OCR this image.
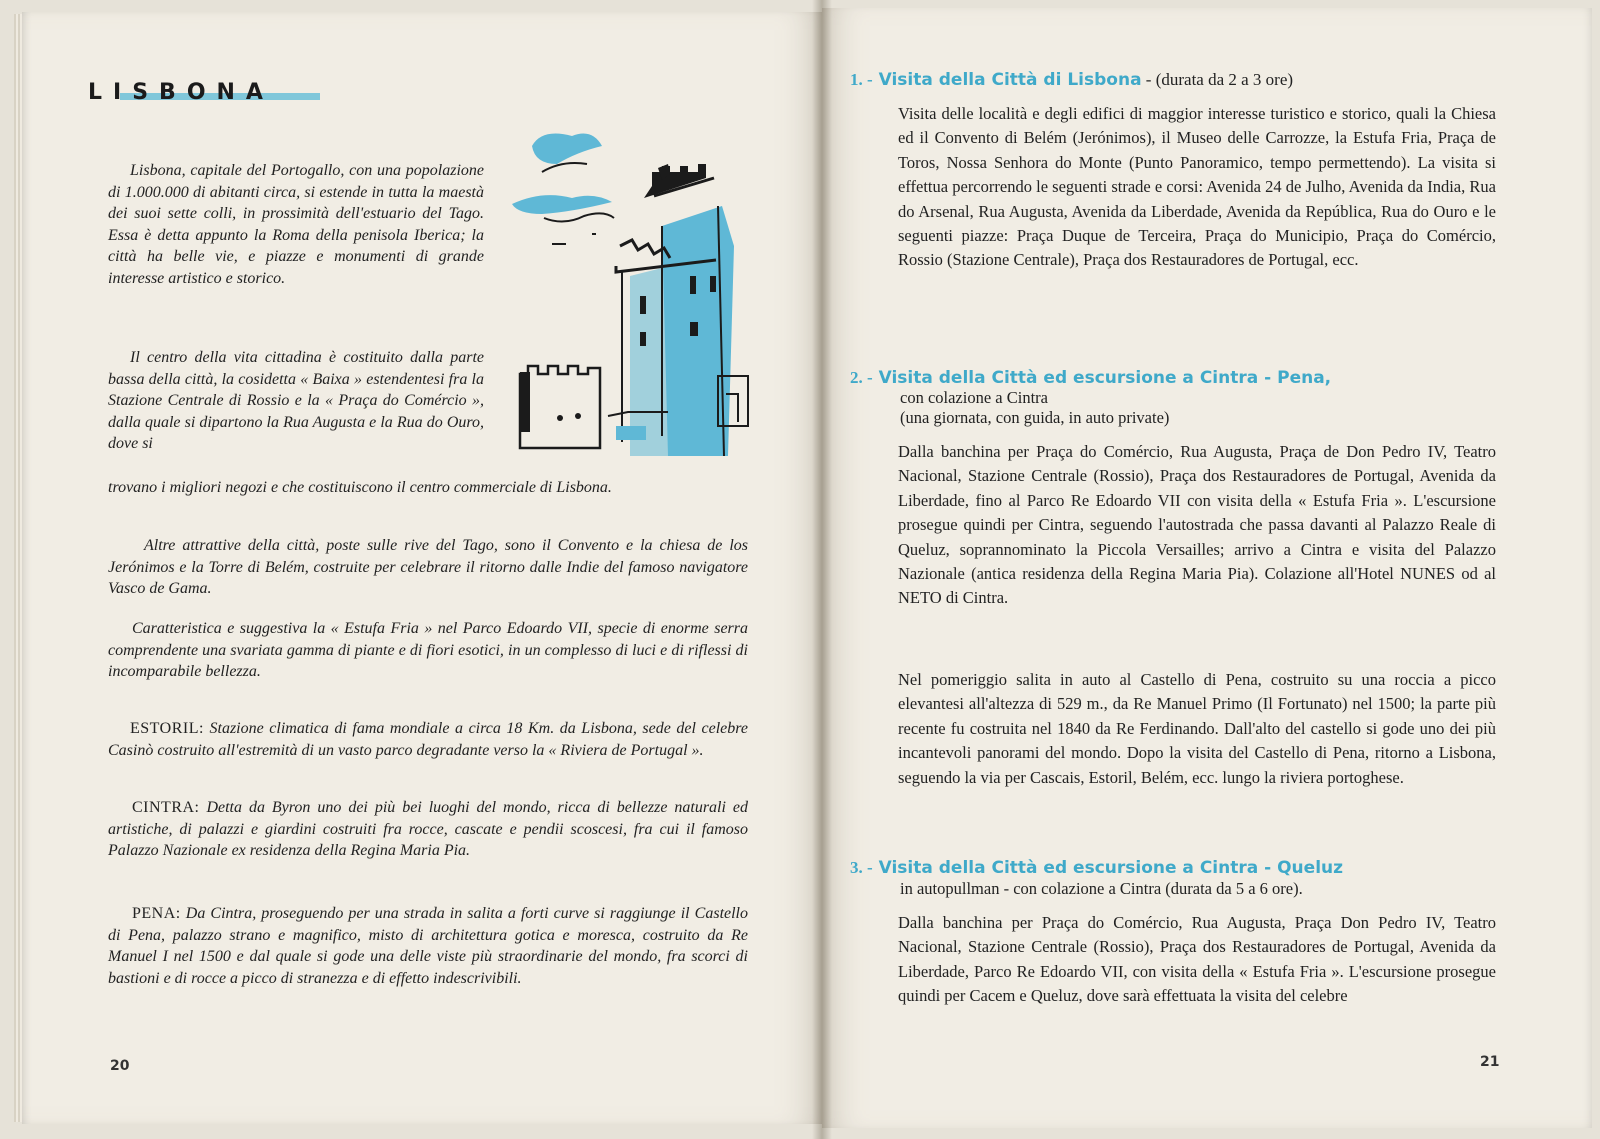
LISBONA

Lisbona, capitale del Portogallo, con una popolazione di 1.000.000 di abitanti circa, si estende in tutta la maestà dei suoi sette colli, in prossimità dell'estuario del Tago. Essa è detta appunto la Roma della penisola Iberica; la città ha belle vie, e piazze e monumenti di grande interesse artistico e storico.

Il centro della vita cittadina è costituito dalla parte bassa della città, la cosidetta « Baixa » estendentesi fra la Stazione Centrale di Rossio e la « Praça do Comércio », dalla quale si dipartono la Rua Augusta e la Rua do Ouro, dove si

trovano i migliori negozi e che costituiscono il centro commerciale di Lisbona.

Altre attrattive della città, poste sulle rive del Tago, sono il Convento e la chiesa de los Jerónimos e la Torre di Belém, costruite per celebrare il ritorno dalle Indie del famoso navigatore Vasco de Gama.

Caratteristica e suggestiva la « Estufa Fria » nel Parco Edoardo VII, specie di enorme serra comprendente una svariata gamma di piante e di fiori esotici, in un complesso di luci e di riflessi di incomparabile bellezza.

ESTORIL: Stazione climatica di fama mondiale a circa 18 Km. da Lisbona, sede del celebre Casinò costruito all'estremità di un vasto parco degradante verso la « Riviera de Portugal ».

CINTRA: Detta da Byron uno dei più bei luoghi del mondo, ricca di bellezze naturali ed artistiche, di palazzi e giardini costruiti fra rocce, cascate e pendii scoscesi, fra cui il famoso Palazzo Nazionale ex residenza della Regina Maria Pia.

PENA: Da Cintra, proseguendo per una strada in salita a forti curve si raggiunge il Castello di Pena, palazzo strano e magnifico, misto di architettura gotica e moresca, costruito da Re Manuel I nel 1500 e dal quale si gode una delle viste più straordinarie del mondo, fra scorci di bastioni e di rocce a picco di stranezza e di effetto indescrivibili.

20

1. - Visita della Città di Lisbona - (durata da 2 a 3 ore)

Visita delle località e degli edifici di maggior interesse turistico e storico, quali la Chiesa ed il Convento di Belém (Jerónimos), il Museo delle Carrozze, la Estufa Fria, Praça de Toros, Nossa Senhora do Monte (Punto Panoramico, tempo permettendo). La visita si effettua percorrendo le seguenti strade e corsi: Avenida 24 de Julho, Avenida da India, Rua do Arsenal, Rua Augusta, Avenida da Liberdade, Avenida da República, Rua do Ouro e le seguenti piazze: Praça Duque de Terceira, Praça do Municipio, Praça do Comércio, Rossio (Stazione Centrale), Praça dos Restauradores de Portugal, ecc.

2. - Visita della Città ed escursione a Cintra - Pena,

con colazione a Cintra

(una giornata, con guida, in auto private)

Dalla banchina per Praça do Comércio, Rua Augusta, Praça de Don Pedro IV, Teatro Nacional, Stazione Centrale (Rossio), Praça dos Restauradores de Portugal, Avenida da Liberdade, fino al Parco Re Edoardo VII con visita della « Estufa Fria ». L'escursione prosegue quindi per Cintra, seguendo l'autostrada che passa davanti al Palazzo Reale di Queluz, soprannominato la Piccola Versailles; arrivo a Cintra e visita del Palazzo Nazionale (antica residenza della Regina Maria Pia). Colazione all'Hotel NUNES od al NETO di Cintra.

Nel pomeriggio salita in auto al Castello di Pena, costruito su una roccia a picco elevantesi all'altezza di 529 m., da Re Manuel Primo (Il Fortunato) nel 1500; la parte più recente fu costruita nel 1840 da Re Ferdinando. Dall'alto del castello si gode uno dei più incantevoli panorami del mondo. Dopo la visita del Castello di Pena, ritorno a Lisbona, seguendo la via per Cascais, Estoril, Belém, ecc. lungo la riviera portoghese.

3. - Visita della Città ed escursione a Cintra - Queluz

in autopullman - con colazione a Cintra (durata da 5 a 6 ore).

Dalla banchina per Praça do Comércio, Rua Augusta, Praça Don Pedro IV, Teatro Nacional, Stazione Centrale (Rossio), Praça dos Restauradores de Portugal, Avenida da Liberdade, Parco Re Edoardo VII, con visita della « Estufa Fria ». L'escursione prosegue quindi per Cacem e Queluz, dove sarà effettuata la visita del celebre

21
